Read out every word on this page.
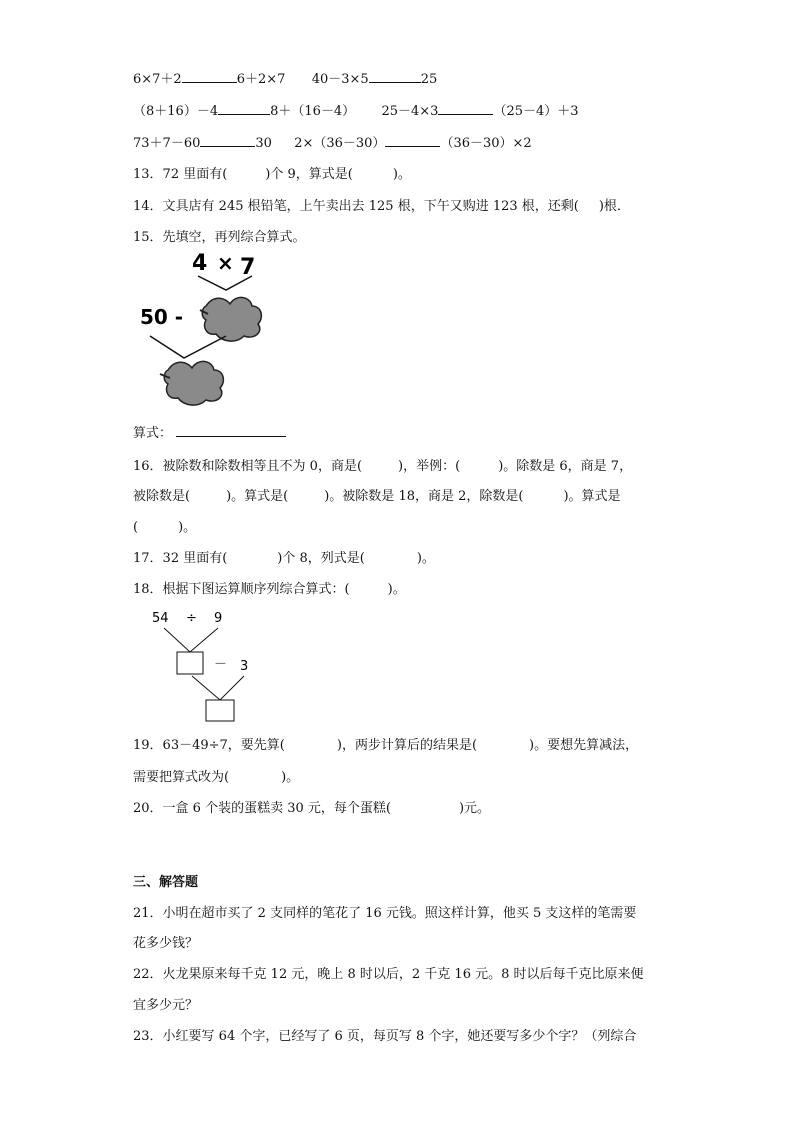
6×7＋2	6＋2×7 40－3×5	25
（8＋16）－4	8＋（16－4） 25－4×3	（25－4）＋3
73＋7－60	30 2×（36－30）	（36－30）×2
13．72 里面有(	)个 9，算式是(	)。
14．文具店有 245 根铅笔，上午卖出去 125 根，下午又购进 123 根，还剩( )根．
15．先填空，再列综合算式。
4 × 7
50 -
算式：
16．被除数和除数相等且不为 0，商是(	)，举例：(	)。除数是 6，商是 7，
被除数是(	)。算式是(	)。被除数是 18，商是 2，除数是(	)。算式是
(	)。
17．32 里面有(	)个 8，列式是(	)。
18．根据下图运算顺序列综合算式：(	)。
54 ÷ 9
－ 3
19．63－49÷7，要先算(	)，两步计算后的结果是(	)。要想先算减法，
需要把算式改为(	)。
20．一盒 6 个装的蛋糕卖 30 元，每个蛋糕(	)元。
三、解答题
21．小明在超市买了 2 支同样的笔花了 16 元钱。照这样计算，他买 5 支这样的笔需要
花多少钱？
22．火龙果原来每千克 12 元，晚上 8 时以后，2 千克 16 元。8 时以后每千克比原来便
宜多少元？
23．小红要写 64 个字，已经写了 6 页，每页写 8 个字，她还要写多少个字？（列综合
